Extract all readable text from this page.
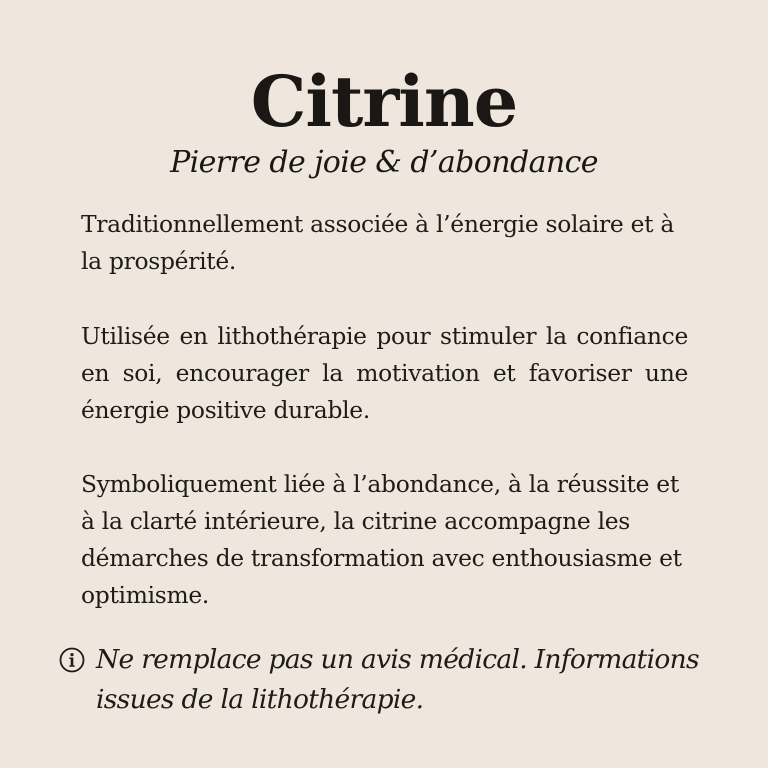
Citrine
Pierre de joie & d’abondance

Traditionnellement associée à l’énergie solaire et à la prospérité.

Utilisée en lithothérapie pour stimuler la confiance en soi, encourager la motivation et favoriser une énergie positive durable.

Symboliquement liée à l’abondance, à la réussite et à la clarté intérieure, la citrine accompagne les démarches de transformation avec enthousiasme et optimisme.

Ne remplace pas un avis médical. Informations issues de la lithothérapie.
